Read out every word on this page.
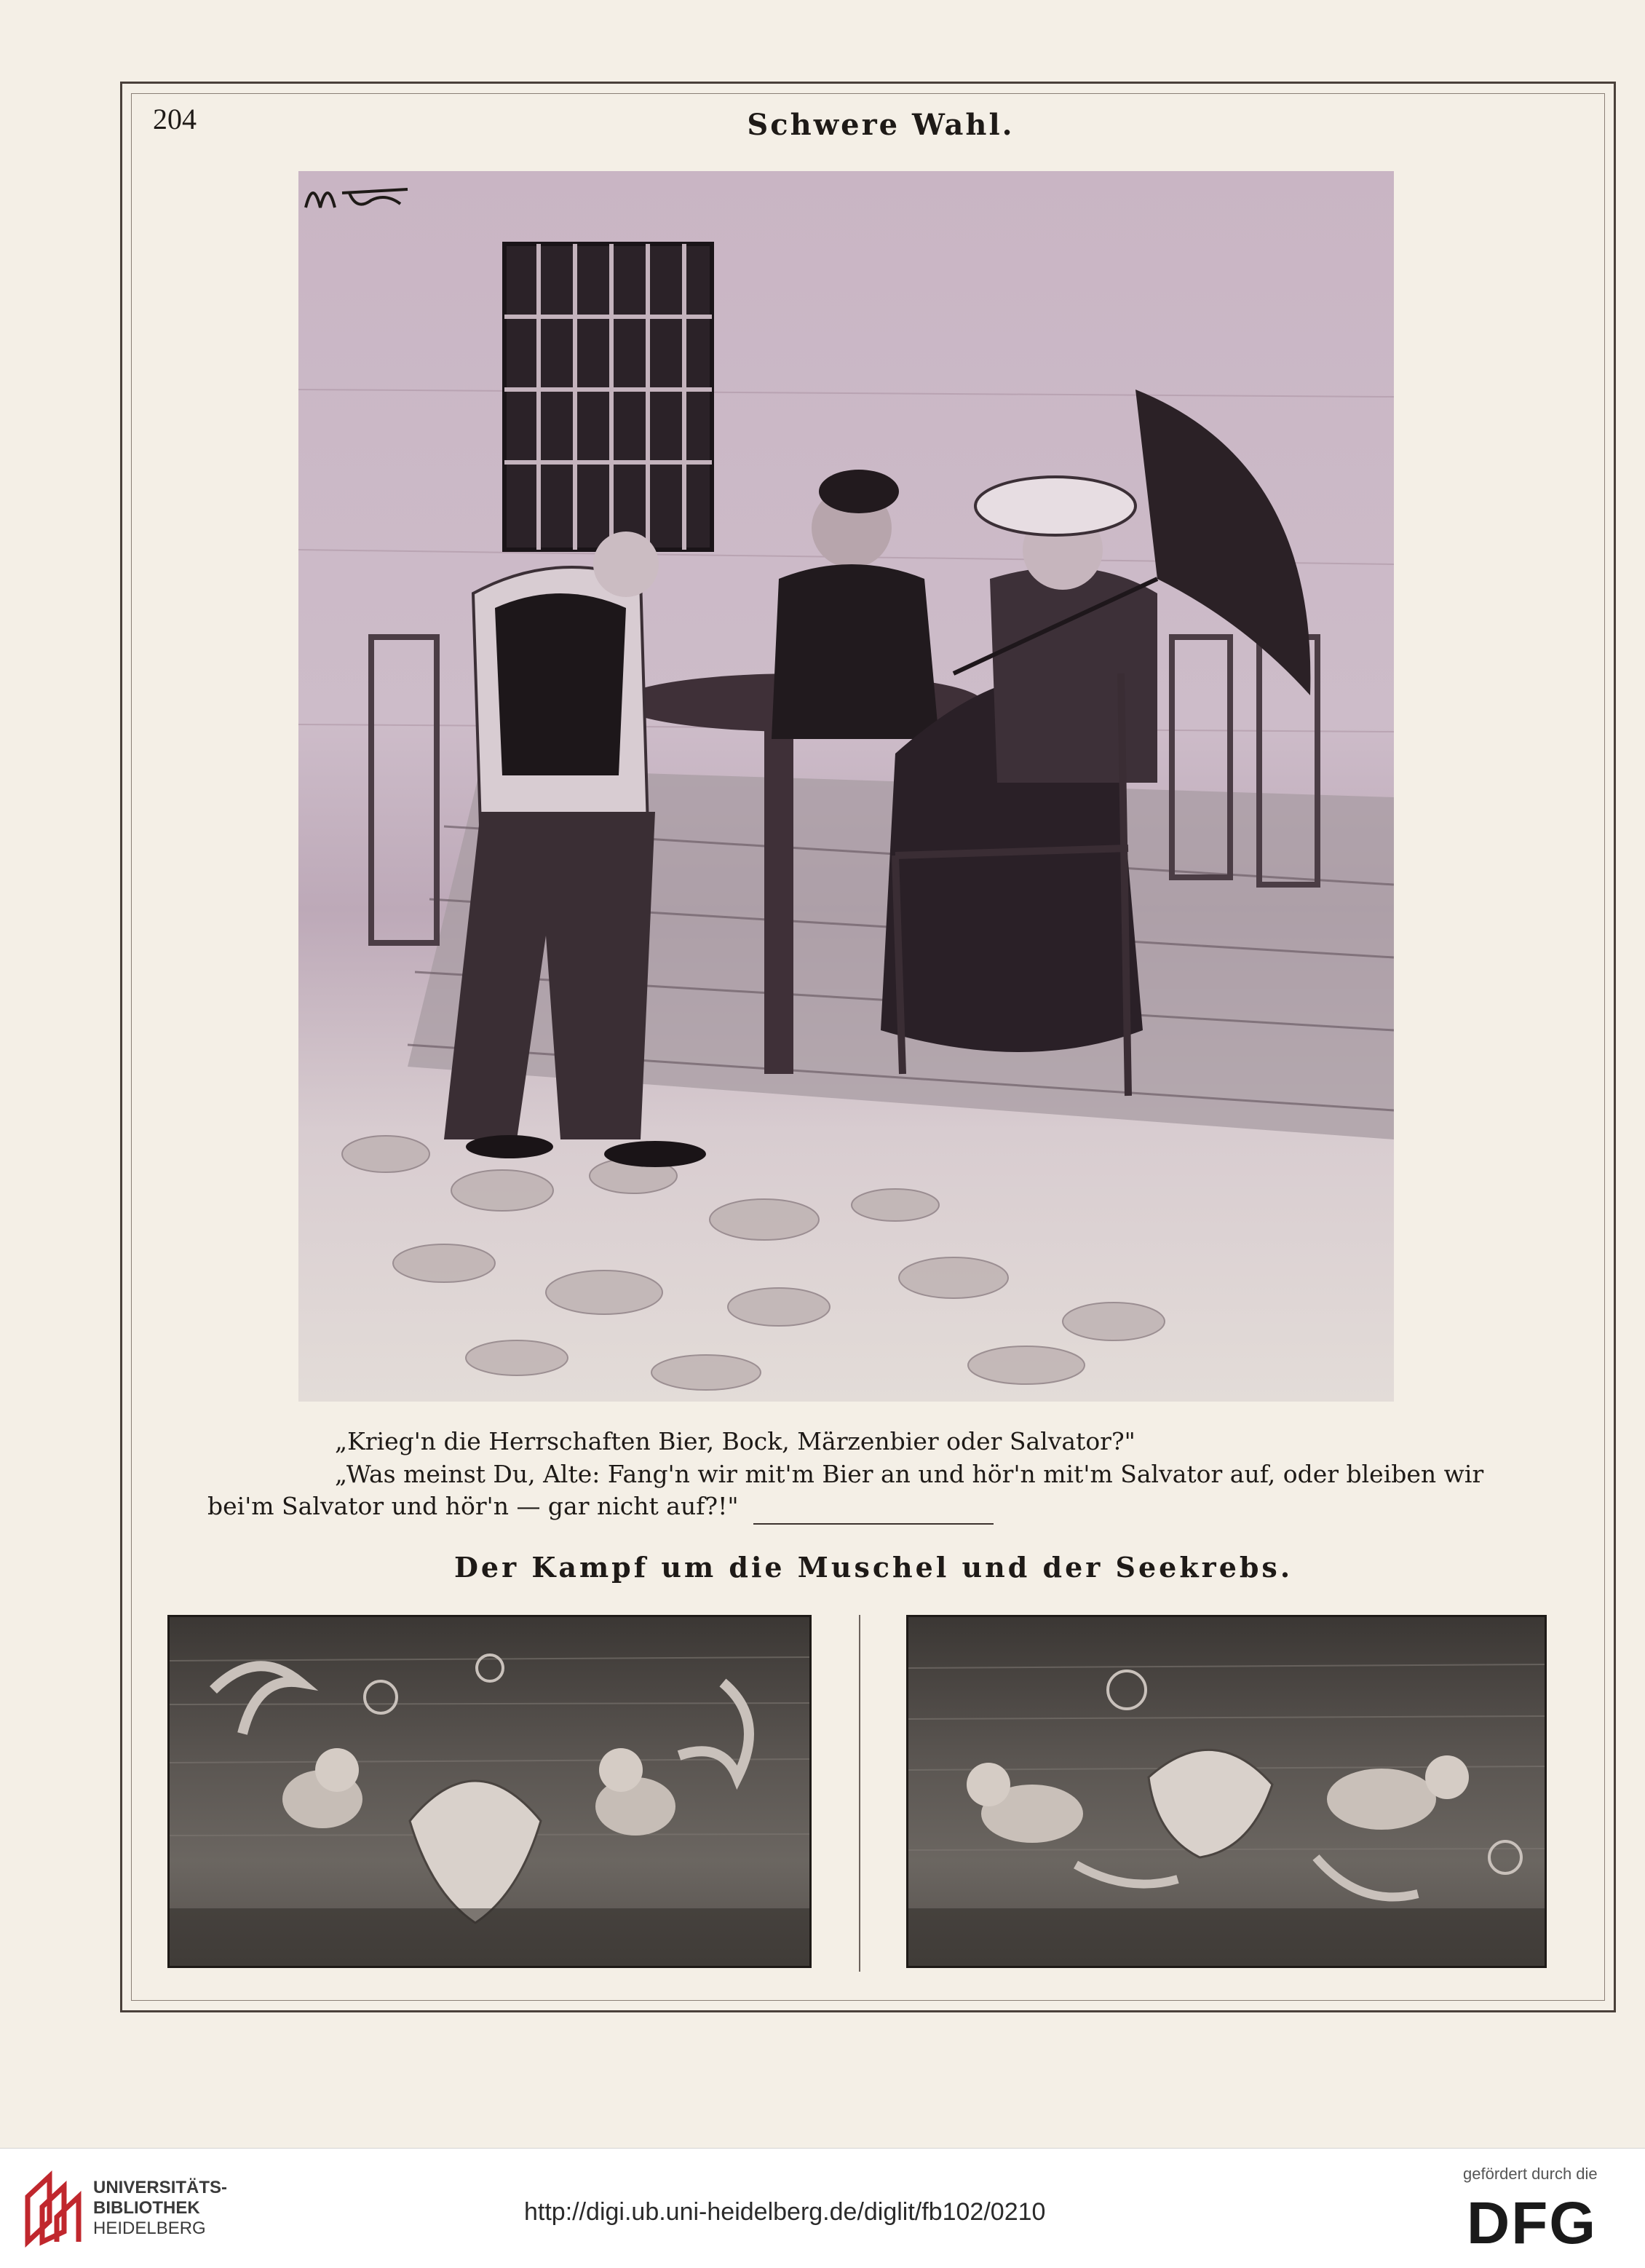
204	Schwere Wahl.
„Krieg'n die Herrschaften Bier, Bock, Märzenbier oder Salvator?"
„Was meinst Du, Alte: Fang'n wir mit'm Bier an und hör'n mit'm Salvator auf, oder bleiben wir
bei'm Salvator und hör'n — gar nicht auf?!"
Der Kampf um die Muschel und der Seekrebs.
UNIVERSITÄTS-
BIBLIOTHEK
HEIDELBERG
http://digi.ub.uni-heidelberg.de/diglit/fb102/0210
gefördert durch die
DFG
